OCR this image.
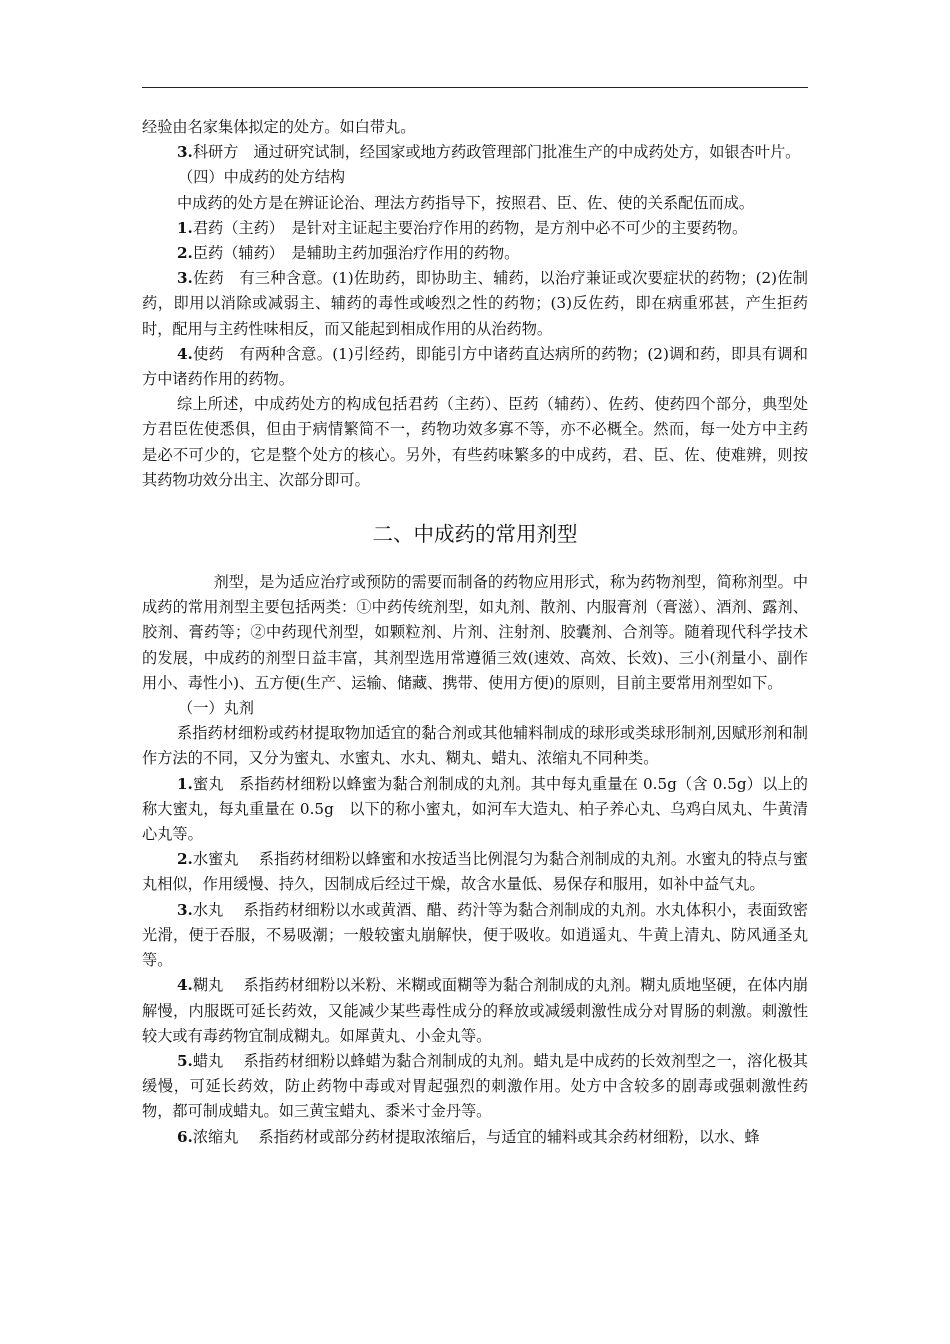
经验由名家集体拟定的处方。如白带丸。

3.科研方　通过研究试制，经国家或地方药政管理部门批准生产的中成药处方，如银杏叶片。

（四）中成药的处方结构

中成药的处方是在辨证论治、理法方药指导下，按照君、臣、佐、使的关系配伍而成。

1.君药（主药）　是针对主证起主要治疗作用的药物，是方剂中必不可少的主要药物。

2.臣药（辅药）　是辅助主药加强治疗作用的药物。

3.佐药　有三种含意。(1)佐助药，即协助主、辅药，以治疗兼证或次要症状的药物；(2)佐制药，即用以消除或减弱主、辅药的毒性或峻烈之性的药物；(3)反佐药，即在病重邪甚，产生拒药时，配用与主药性味相反，而又能起到相成作用的从治药物。

4.使药　有两种含意。(1)引经药，即能引方中诸药直达病所的药物；(2)调和药，即具有调和方中诸药作用的药物。

综上所述，中成药处方的构成包括君药（主药）、臣药（辅药）、佐药、使药四个部分，典型处方君臣佐使悉俱，但由于病情繁简不一，药物功效多寡不等，亦不必概全。然而，每一处方中主药是必不可少的，它是整个处方的核心。另外，有些药味繁多的中成药，君、臣、佐、使难辨，则按其药物功效分出主、次部分即可。

二、中成药的常用剂型

剂型，是为适应治疗或预防的需要而制备的药物应用形式，称为药物剂型，简称剂型。中成药的常用剂型主要包括两类：①中药传统剂型，如丸剂、散剂、内服膏剂（膏滋）、酒剂、露剂、胶剂、膏药等；②中药现代剂型，如颗粒剂、片剂、注射剂、胶囊剂、合剂等。随着现代科学技术的发展，中成药的剂型日益丰富，其剂型选用常遵循三效(速效、高效、长效)、三小(剂量小、副作用小、毒性小)、五方便(生产、运输、储藏、携带、使用方便)的原则，目前主要常用剂型如下。

（一）丸剂

系指药材细粉或药材提取物加适宜的黏合剂或其他辅料制成的球形或类球形制剂,因赋形剂和制作方法的不同，又分为蜜丸、水蜜丸、水丸、糊丸、蜡丸、浓缩丸不同种类。

1.蜜丸　系指药材细粉以蜂蜜为黏合剂制成的丸剂。其中每丸重量在 0.5g（含 0.5g）以上的称大蜜丸，每丸重量在 0.5g　以下的称小蜜丸，如河车大造丸、柏子养心丸、乌鸡白凤丸、牛黄清心丸等。

2.水蜜丸　 系指药材细粉以蜂蜜和水按适当比例混匀为黏合剂制成的丸剂。水蜜丸的特点与蜜丸相似，作用缓慢、持久，因制成后经过干燥，故含水量低、易保存和服用，如补中益气丸。

3.水丸　 系指药材细粉以水或黄酒、醋、药汁等为黏合剂制成的丸剂。水丸体积小，表面致密光滑，便于吞服，不易吸潮；一般较蜜丸崩解快，便于吸收。如逍遥丸、牛黄上清丸、防风通圣丸等。

4.糊丸　 系指药材细粉以米粉、米糊或面糊等为黏合剂制成的丸剂。糊丸质地坚硬，在体内崩解慢，内服既可延长药效，又能减少某些毒性成分的释放或减缓刺激性成分对胃肠的刺激。刺激性较大或有毒药物宜制成糊丸。如犀黄丸、小金丸等。

5.蜡丸　 系指药材细粉以蜂蜡为黏合剂制成的丸剂。蜡丸是中成药的长效剂型之一，溶化极其缓慢，可延长药效，防止药物中毒或对胃起强烈的刺激作用。处方中含较多的剧毒或强刺激性药物，都可制成蜡丸。如三黄宝蜡丸、黍米寸金丹等。

6.浓缩丸　 系指药材或部分药材提取浓缩后，与适宜的辅料或其余药材细粉，以水、蜂
